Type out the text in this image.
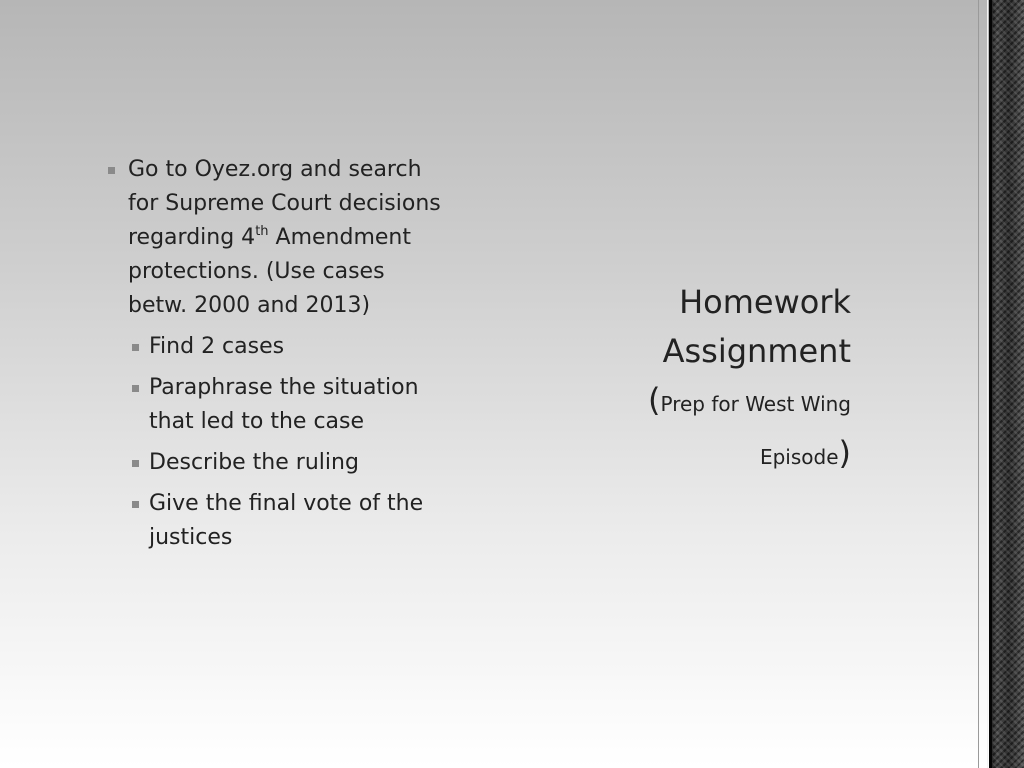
Go to Oyez.org and search for Supreme Court decisions regarding 4th Amendment protections. (Use cases betw. 2000 and 2013)
Find 2 cases
Paraphrase the situation that led to the case
Describe the ruling
Give the final vote of the justices
Homework
Assignment
(Prep for West Wing
Episode)
